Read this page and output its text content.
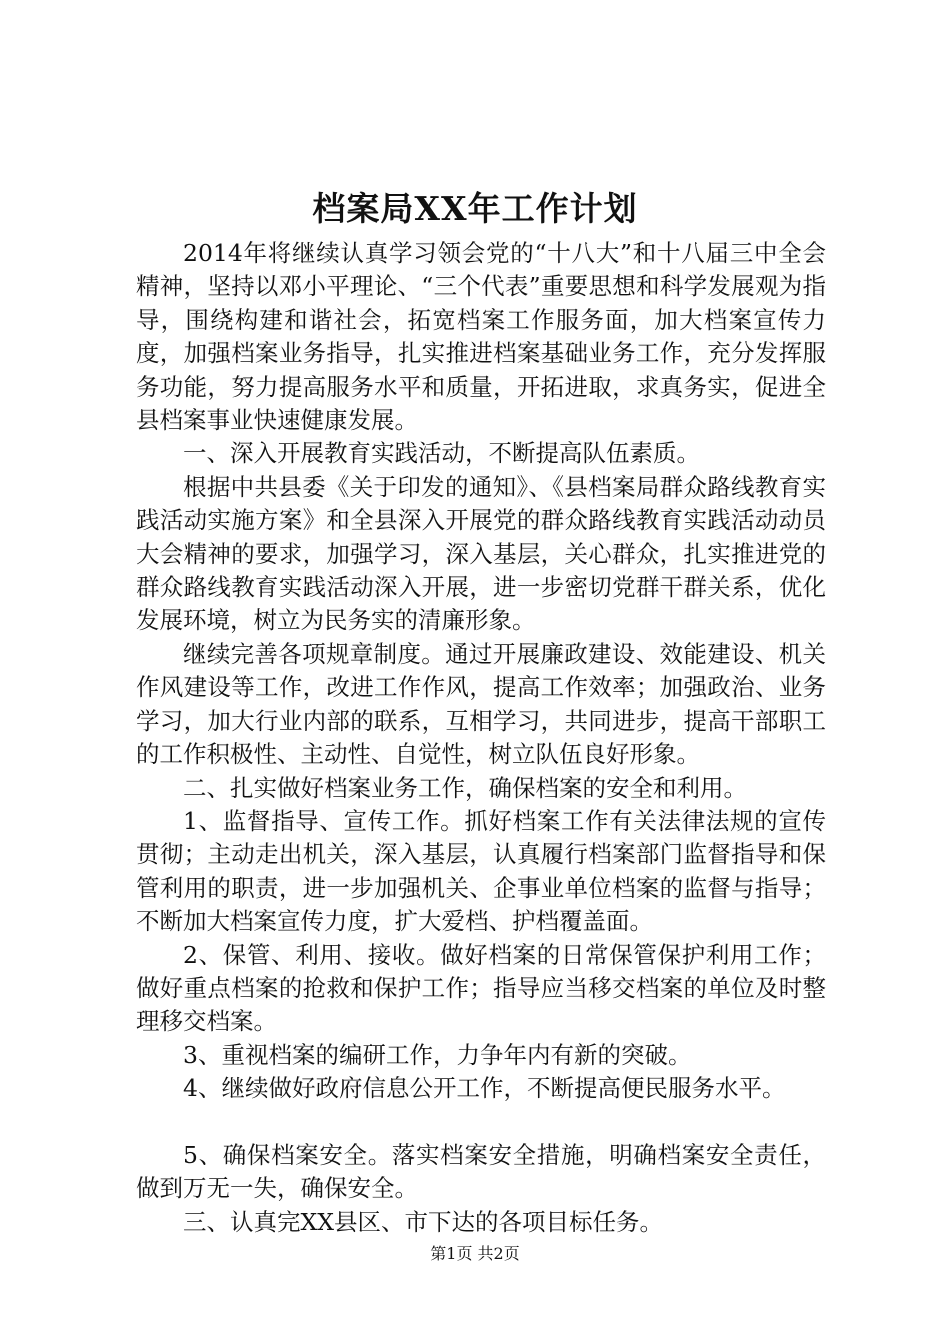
档案局XX年工作计划

2014年将继续认真学习领会党的“十八大”和十八届三中全会精神，坚持以邓小平理论、“三个代表”重要思想和科学发展观为指导，围绕构建和谐社会，拓宽档案工作服务面，加大档案宣传力度，加强档案业务指导，扎实推进档案基础业务工作，充分发挥服务功能，努力提高服务水平和质量，开拓进取，求真务实，促进全县档案事业快速健康发展。

一、深入开展教育实践活动，不断提高队伍素质。

根据中共县委《关于印发的通知》、《县档案局群众路线教育实践活动实施方案》和全县深入开展党的群众路线教育实践活动动员大会精神的要求，加强学习，深入基层，关心群众，扎实推进党的群众路线教育实践活动深入开展，进一步密切党群干群关系，优化发展环境，树立为民务实的清廉形象。

继续完善各项规章制度。通过开展廉政建设、效能建设、机关作风建设等工作，改进工作作风，提高工作效率；加强政治、业务学习，加大行业内部的联系，互相学习，共同进步，提高干部职工的工作积极性、主动性、自觉性，树立队伍良好形象。

二、扎实做好档案业务工作，确保档案的安全和利用。

1、监督指导、宣传工作。抓好档案工作有关法律法规的宣传贯彻；主动走出机关，深入基层，认真履行档案部门监督指导和保管利用的职责，进一步加强机关、企事业单位档案的监督与指导；不断加大档案宣传力度，扩大爱档、护档覆盖面。

2、保管、利用、接收。做好档案的日常保管保护利用工作；做好重点档案的抢救和保护工作；指导应当移交档案的单位及时整理移交档案。

3、重视档案的编研工作，力争年内有新的突破。

4、继续做好政府信息公开工作，不断提高便民服务水平。

5、确保档案安全。落实档案安全措施，明确档案安全责任，做到万无一失，确保安全。

三、认真完XX县区、市下达的各项目标任务。

第1页 共2页
